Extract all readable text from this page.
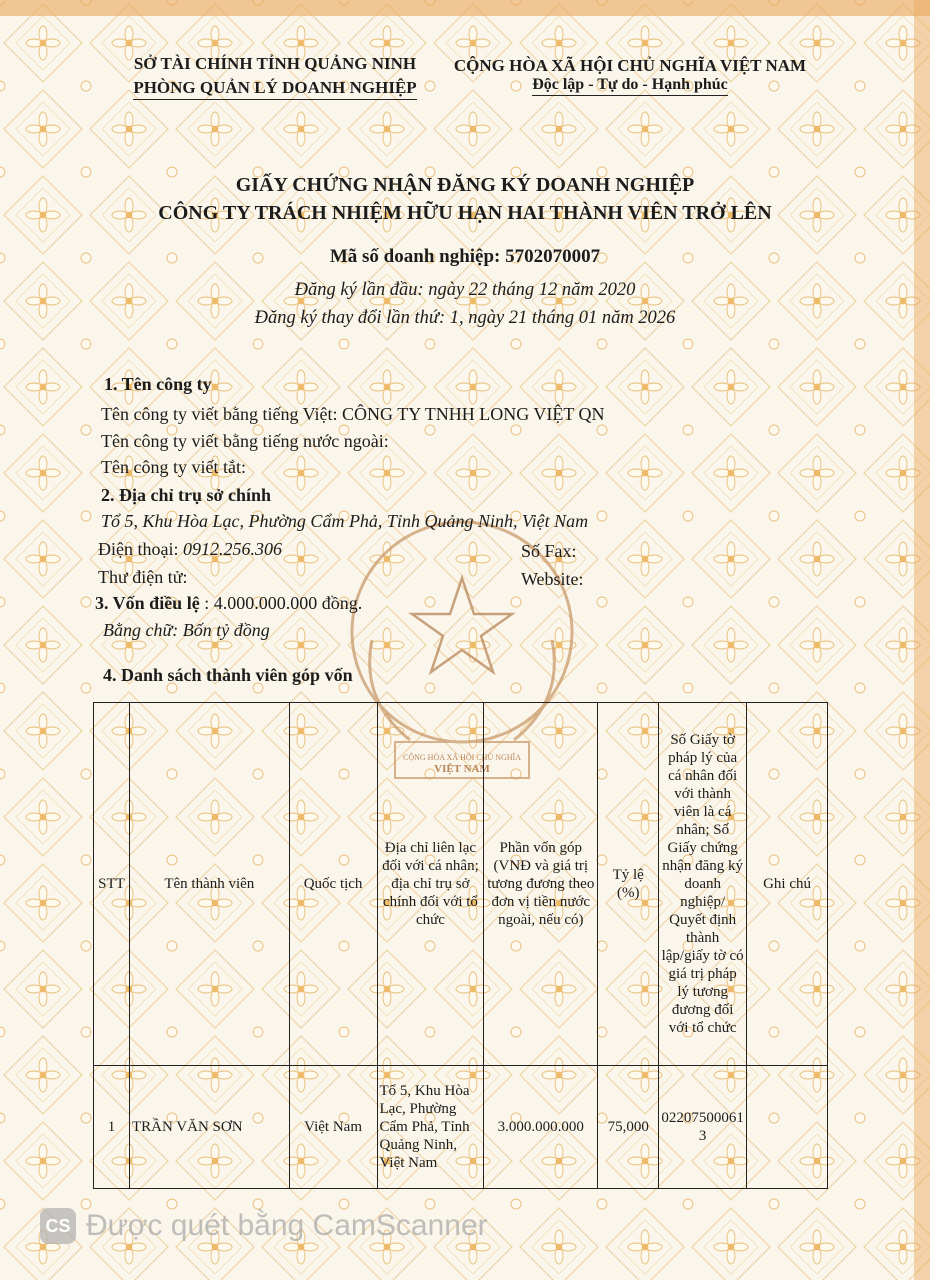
CỘNG HÒA XÃ HỘI CHỦ NGHĨA
VIỆT NAM
SỞ TÀI CHÍNH TỈNH QUẢNG NINH
PHÒNG QUẢN LÝ DOANH NGHIỆP
CỘNG HÒA XÃ HỘI CHỦ NGHĨA VIỆT NAM
Độc lập - Tự do - Hạnh phúc
GIẤY CHỨNG NHẬN ĐĂNG KÝ DOANH NGHIỆP
CÔNG TY TRÁCH NHIỆM HỮU HẠN HAI THÀNH VIÊN TRỞ LÊN
Mã số doanh nghiệp: 5702070007
Đăng ký lần đầu: ngày 22 tháng 12 năm 2020
Đăng ký thay đổi lần thứ: 1, ngày 21 tháng 01 năm 2026
1. Tên công ty
Tên công ty viết bằng tiếng Việt: CÔNG TY TNHH LONG VIỆT QN
Tên công ty viết bằng tiếng nước ngoài:
Tên công ty viết tắt:
2. Địa chỉ trụ sở chính
Tổ 5, Khu Hòa Lạc, Phường Cẩm Phả, Tỉnh Quảng Ninh, Việt Nam
Điện thoại: 0912.256.306	Số Fax:
Thư điện tử:	Website:
3. Vốn điều lệ : 4.000.000.000 đồng.
Bằng chữ: Bốn tỷ đồng
4. Danh sách thành viên góp vốn
STT	Tên thành viên	Quốc tịch	Địa chỉ liên lạc đối với cá nhân; địa chỉ trụ sở chính đối với tổ chức	Phần vốn góp (VNĐ và giá trị tương đương theo đơn vị tiền nước ngoài, nếu có)	Tỷ lệ (%)	Số Giấy tờ pháp lý của cá nhân đối với thành viên là cá nhân; Số Giấy chứng nhận đăng ký doanh nghiệp/ Quyết định thành lập/giấy tờ có giá trị pháp lý tương đương đối với tổ chức	Ghi chú
1	TRẦN VĂN SƠN	Việt Nam	Tổ 5, Khu Hòa Lạc, Phường Cẩm Phả, Tỉnh Quảng Ninh, Việt Nam	3.000.000.000	75,000	022075000613	
CS Được quét bằng CamScanner
